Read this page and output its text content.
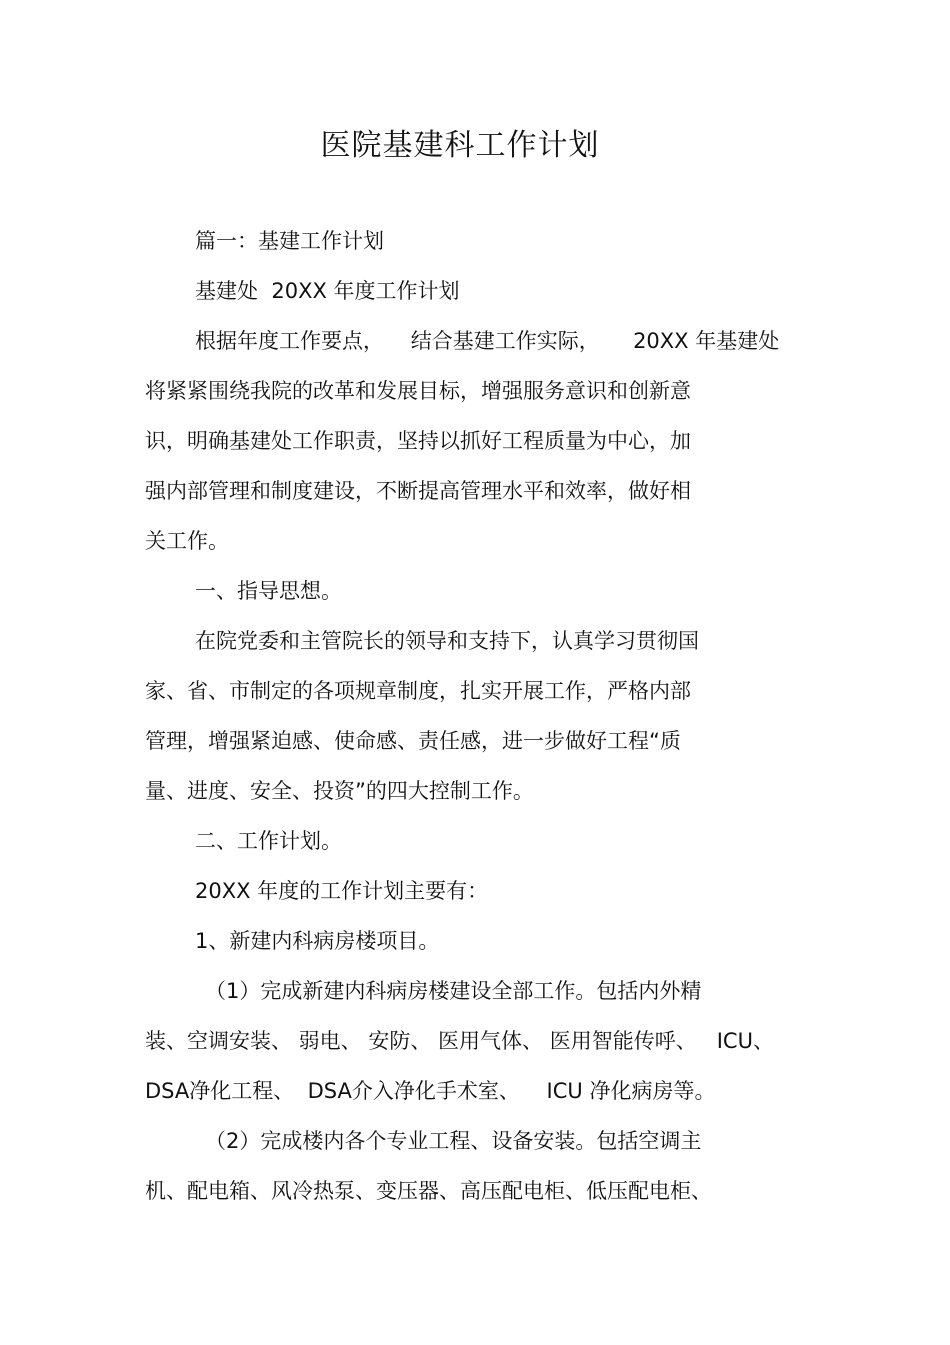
医院基建科工作计划
篇一：基建工作计划
基建处  20XX 年度工作计划
根据年度工作要点，    结合基建工作实际，     20XX 年基建处
将紧紧围绕我院的改革和发展目标，增强服务意识和创新意
识，明确基建处工作职责，坚持以抓好工程质量为中心，加
强内部管理和制度建设，不断提高管理水平和效率，做好相
关工作。
一、指导思想。
在院党委和主管院长的领导和支持下，认真学习贯彻国
家、省、市制定的各项规章制度，扎实开展工作，严格内部
管理，增强紧迫感、使命感、责任感，进一步做好工程“质
量、进度、安全、投资”的四大控制工作。
二、工作计划。
20XX 年度的工作计划主要有：
1、新建内科病房楼项目。
（1）完成新建内科病房楼建设全部工作。包括内外精
装、空调安装、 弱电、 安防、 医用气体、 医用智能传呼、   ICU、
DSA净化工程、  DSA介入净化手术室、    ICU 净化病房等。
（2）完成楼内各个专业工程、设备安装。包括空调主
机、配电箱、风冷热泵、变压器、高压配电柜、低压配电柜、
